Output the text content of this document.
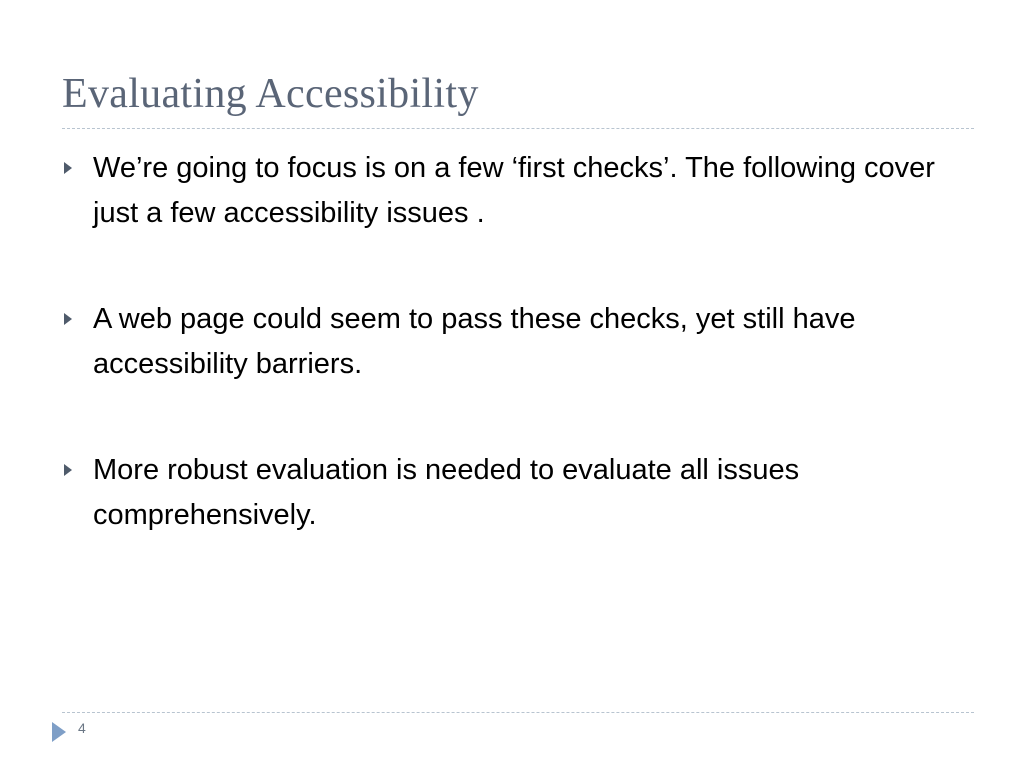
Evaluating Accessibility
We’re going to focus is on a few ‘first checks’. The following cover just a few accessibility issues .
A web page could seem to pass these checks, yet still have accessibility barriers.
More robust evaluation is needed to evaluate all issues comprehensively.
4
